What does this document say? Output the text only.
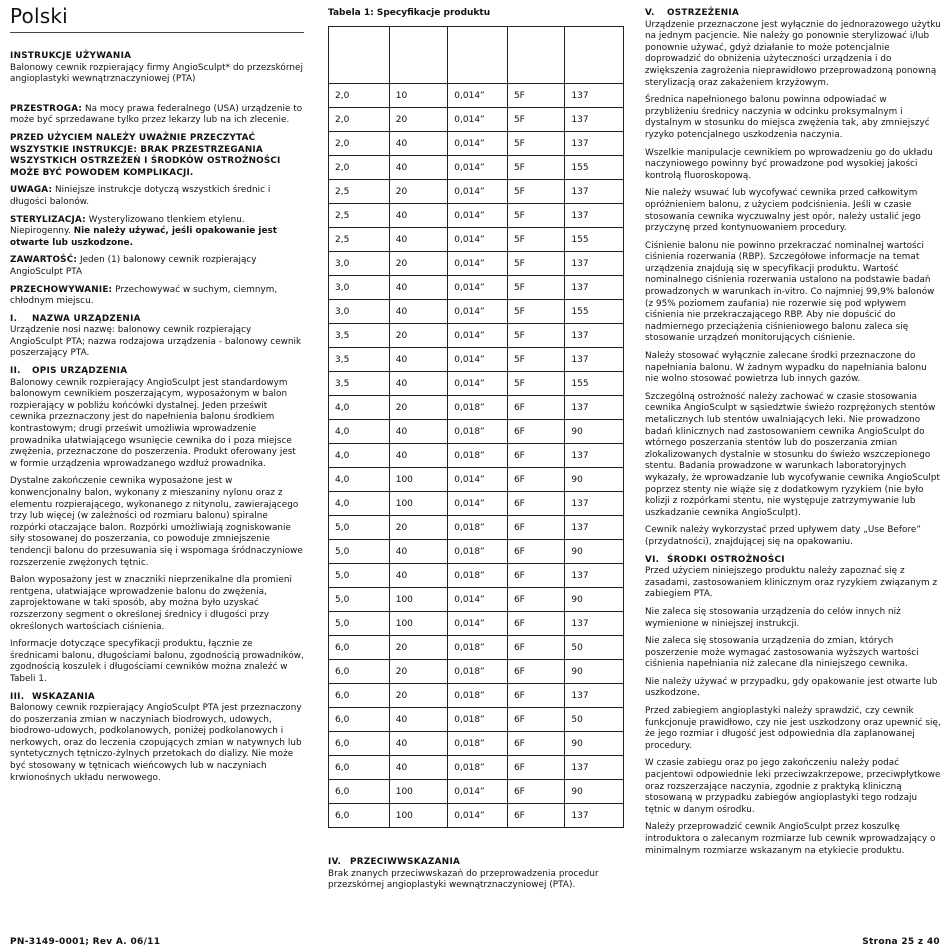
Polski

INSTRUKCJE UŻYWANIA

Balonowy cewnik rozpierający firmy AngioSculpt* do przezskórnej angioplastyki wewnątrznaczyniowej (PTA)

PRZESTROGA: Na mocy prawa federalnego (USA) urządzenie to może być sprzedawane tylko przez lekarzy lub na ich zlecenie.

PRZED UŻYCIEM NALEŻY UWAŻNIE PRZECZYTAĆ WSZYSTKIE INSTRUKCJE: BRAK PRZESTRZEGANIA WSZYSTKICH OSTRZEŻEŃ I ŚRODKÓW OSTROŻNOŚCI MOŻE BYĆ POWODEM KOMPLIKACJI.

UWAGA: Niniejsze instrukcje dotyczą wszystkich średnic i długości balonów.

STERYLIZACJA: Wysterylizowano tlenkiem etylenu. Niepirogenny. Nie należy używać, jeśli opakowanie jest otwarte lub uszkodzone.

ZAWARTOŚĆ: Jeden (1) balonowy cewnik rozpierający AngioSculpt PTA

PRZECHOWYWANIE: Przechowywać w suchym, ciemnym, chłodnym miejscu.

I. NAZWA URZĄDZENIA

Urządzenie nosi nazwę: balonowy cewnik rozpierający AngioSculpt PTA; nazwa rodzajowa urządzenia - balonowy cewnik poszerzający PTA.

II. OPIS URZĄDZENIA

Balonowy cewnik rozpierający AngioSculpt jest standardowym balonowym cewnikiem poszerzającym, wyposażonym w balon rozpierający w pobliżu końcówki dystalnej. Jeden prześwit cewnika przeznaczony jest do napełnienia balonu środkiem kontrastowym; drugi prześwit umożliwia wprowadzenie prowadnika ułatwiającego wsunięcie cewnika do i poza miejsce zwężenia, przeznaczone do poszerzenia. Produkt oferowany jest w formie urządzenia wprowadzanego wzdłuż prowadnika.

Dystalne zakończenie cewnika wyposażone jest w konwencjonalny balon, wykonany z mieszaniny nylonu oraz z elementu rozpierającego, wykonanego z nitynolu, zawierającego trzy lub więcej (w zależności od rozmiaru balonu) spiralne rozpórki otaczające balon. Rozpórki umożliwiają zogniskowanie siły stosowanej do poszerzania, co powoduje zmniejszenie tendencji balonu do przesuwania się i wspomaga śródnaczyniowe rozszerzenie zwężonych tętnic.

Balon wyposażony jest w znaczniki nieprzenikalne dla promieni rentgena, ułatwiające wprowadzenie balonu do zwężenia, zaprojektowane w taki sposób, aby można było uzyskać rozszerzony segment o określonej średnicy i długości przy określonych wartościach ciśnienia.

Informacje dotyczące specyfikacji produktu, łącznie ze średnicami balonu, długościami balonu, zgodnością prowadników, zgodnością koszulek i długościami cewników można znaleźć w Tabeli 1.

III. WSKAZANIA

Balonowy cewnik rozpierający AngioSculpt PTA jest przeznaczony do poszerzania zmian w naczyniach biodrowych, udowych, biodrowo-udowych, podkolanowych, poniżej podkolanowych i nerkowych, oraz do leczenia czopujących zmian w natywnych lub syntetycznych tętniczo-żylnych przetokach do dializy. Nie może być stosowany w tętnicach wieńcowych lub w naczyniach krwionośnych układu nerwowego.

Tabela 1: Specyfikacje produktu

2,0	10	0,014”	5F	137
2,0	20	0,014”	5F	137
2,0	40	0,014”	5F	137
2,0	40	0,014”	5F	155
2,5	20	0,014”	5F	137
2,5	40	0,014”	5F	137
2,5	40	0,014”	5F	155
3,0	20	0,014”	5F	137
3,0	40	0,014”	5F	137
3,0	40	0,014”	5F	155
3,5	20	0,014”	5F	137
3,5	40	0,014”	5F	137
3,5	40	0,014”	5F	155
4,0	20	0,018”	6F	137
4,0	40	0,018”	6F	90
4,0	40	0,018”	6F	137
4,0	100	0,014”	6F	90
4,0	100	0,014”	6F	137
5,0	20	0,018”	6F	137
5,0	40	0,018”	6F	90
5,0	40	0,018”	6F	137
5,0	100	0,014”	6F	90
5,0	100	0,014”	6F	137
6,0	20	0,018”	6F	50
6,0	20	0,018”	6F	90
6,0	20	0,018”	6F	137
6,0	40	0,018”	6F	50
6,0	40	0,018”	6F	90
6,0	40	0,018”	6F	137
6,0	100	0,014”	6F	90
6,0	100	0,014”	6F	137

IV. PRZECIWWSKAZANIA

Brak znanych przeciwwskazań do przeprowadzenia procedur przezskórnej angioplastyki wewnątrznaczyniowej (PTA).

V. OSTRZEŻENIA

Urządzenie przeznaczone jest wyłącznie do jednorazowego użytku na jednym pacjencie. Nie należy go ponownie sterylizować i/lub ponownie używać, gdyż działanie to może potencjalnie doprowadzić do obniżenia użyteczności urządzenia i do zwiększenia zagrożenia nieprawidłowo przeprowadzoną ponowną sterylizacją oraz zakażeniem krzyżowym.

Średnica napełnionego balonu powinna odpowiadać w przybliżeniu średnicy naczynia w odcinku proksymalnym i dystalnym w stosunku do miejsca zwężenia tak, aby zmniejszyć ryzyko potencjalnego uszkodzenia naczynia.

Wszelkie manipulacje cewnikiem po wprowadzeniu go do układu naczyniowego powinny być prowadzone pod wysokiej jakości kontrolą fluoroskopową.

Nie należy wsuwać lub wycofywać cewnika przed całkowitym opróżnieniem balonu, z użyciem podciśnienia. Jeśli w czasie stosowania cewnika wyczuwalny jest opór, należy ustalić jego przyczynę przed kontynuowaniem procedury.

Ciśnienie balonu nie powinno przekraczać nominalnej wartości ciśnienia rozerwania (RBP). Szczegółowe informacje na temat urządzenia znajdują się w specyfikacji produktu. Wartość nominalnego ciśnienia rozerwania ustalono na podstawie badań prowadzonych w warunkach in-vitro. Co najmniej 99,9% balonów (z 95% poziomem zaufania) nie rozerwie się pod wpływem ciśnienia nie przekraczającego RBP. Aby nie dopuścić do nadmiernego przeciążenia ciśnieniowego balonu zaleca się stosowanie urządzeń monitorujących ciśnienie.

Należy stosować wyłącznie zalecane środki przeznaczone do napełniania balonu. W żadnym wypadku do napełniania balonu nie wolno stosować powietrza lub innych gazów.

Szczególną ostrożność należy zachować w czasie stosowania cewnika AngioSculpt w sąsiedztwie świeżo rozprężonych stentów metalicznych lub stentów uwalniających leki. Nie prowadzono badań klinicznych nad zastosowaniem cewnika AngioSculpt do wtórnego poszerzania stentów lub do poszerzania zmian zlokalizowanych dystalnie w stosunku do świeżo wszczepionego stentu. Badania prowadzone w warunkach laboratoryjnych wykazały, że wprowadzanie lub wycofywanie cewnika AngioSculpt poprzez stenty nie wiąże się z dodatkowym ryzykiem (nie było kolizji z rozpórkami stentu, nie występuje zatrzymywanie lub uszkadzanie cewnika AngioSculpt).

Cewnik należy wykorzystać przed upływem daty „Use Before” (przydatności), znajdującej się na opakowaniu.

VI. ŚRODKI OSTROŻNOŚCI

Przed użyciem niniejszego produktu należy zapoznać się z zasadami, zastosowaniem klinicznym oraz ryzykiem związanym z zabiegiem PTA.

Nie zaleca się stosowania urządzenia do celów innych niż wymienione w niniejszej instrukcji.

Nie zaleca się stosowania urządzenia do zmian, których poszerzenie może wymagać zastosowania wyższych wartości ciśnienia napełniania niż zalecane dla niniejszego cewnika.

Nie należy używać w przypadku, gdy opakowanie jest otwarte lub uszkodzone.

Przed zabiegiem angioplastyki należy sprawdzić, czy cewnik funkcjonuje prawidłowo, czy nie jest uszkodzony oraz upewnić się, że jego rozmiar i długość jest odpowiednia dla zaplanowanej procedury.

W czasie zabiegu oraz po jego zakończeniu należy podać pacjentowi odpowiednie leki przeciwzakrzepowe, przeciwpłytkowe oraz rozszerzające naczynia, zgodnie z praktyką kliniczną stosowaną w przypadku zabiegów angioplastyki tego rodzaju tętnic w danym ośrodku.

Należy przeprowadzić cewnik AngioSculpt przez koszulkę introduktora o zalecanym rozmiarze lub cewnik wprowadzający o minimalnym rozmiarze wskazanym na etykiecie produktu.

PN-3149-0001; Rev A. 06/11	Strona 25 z 40
